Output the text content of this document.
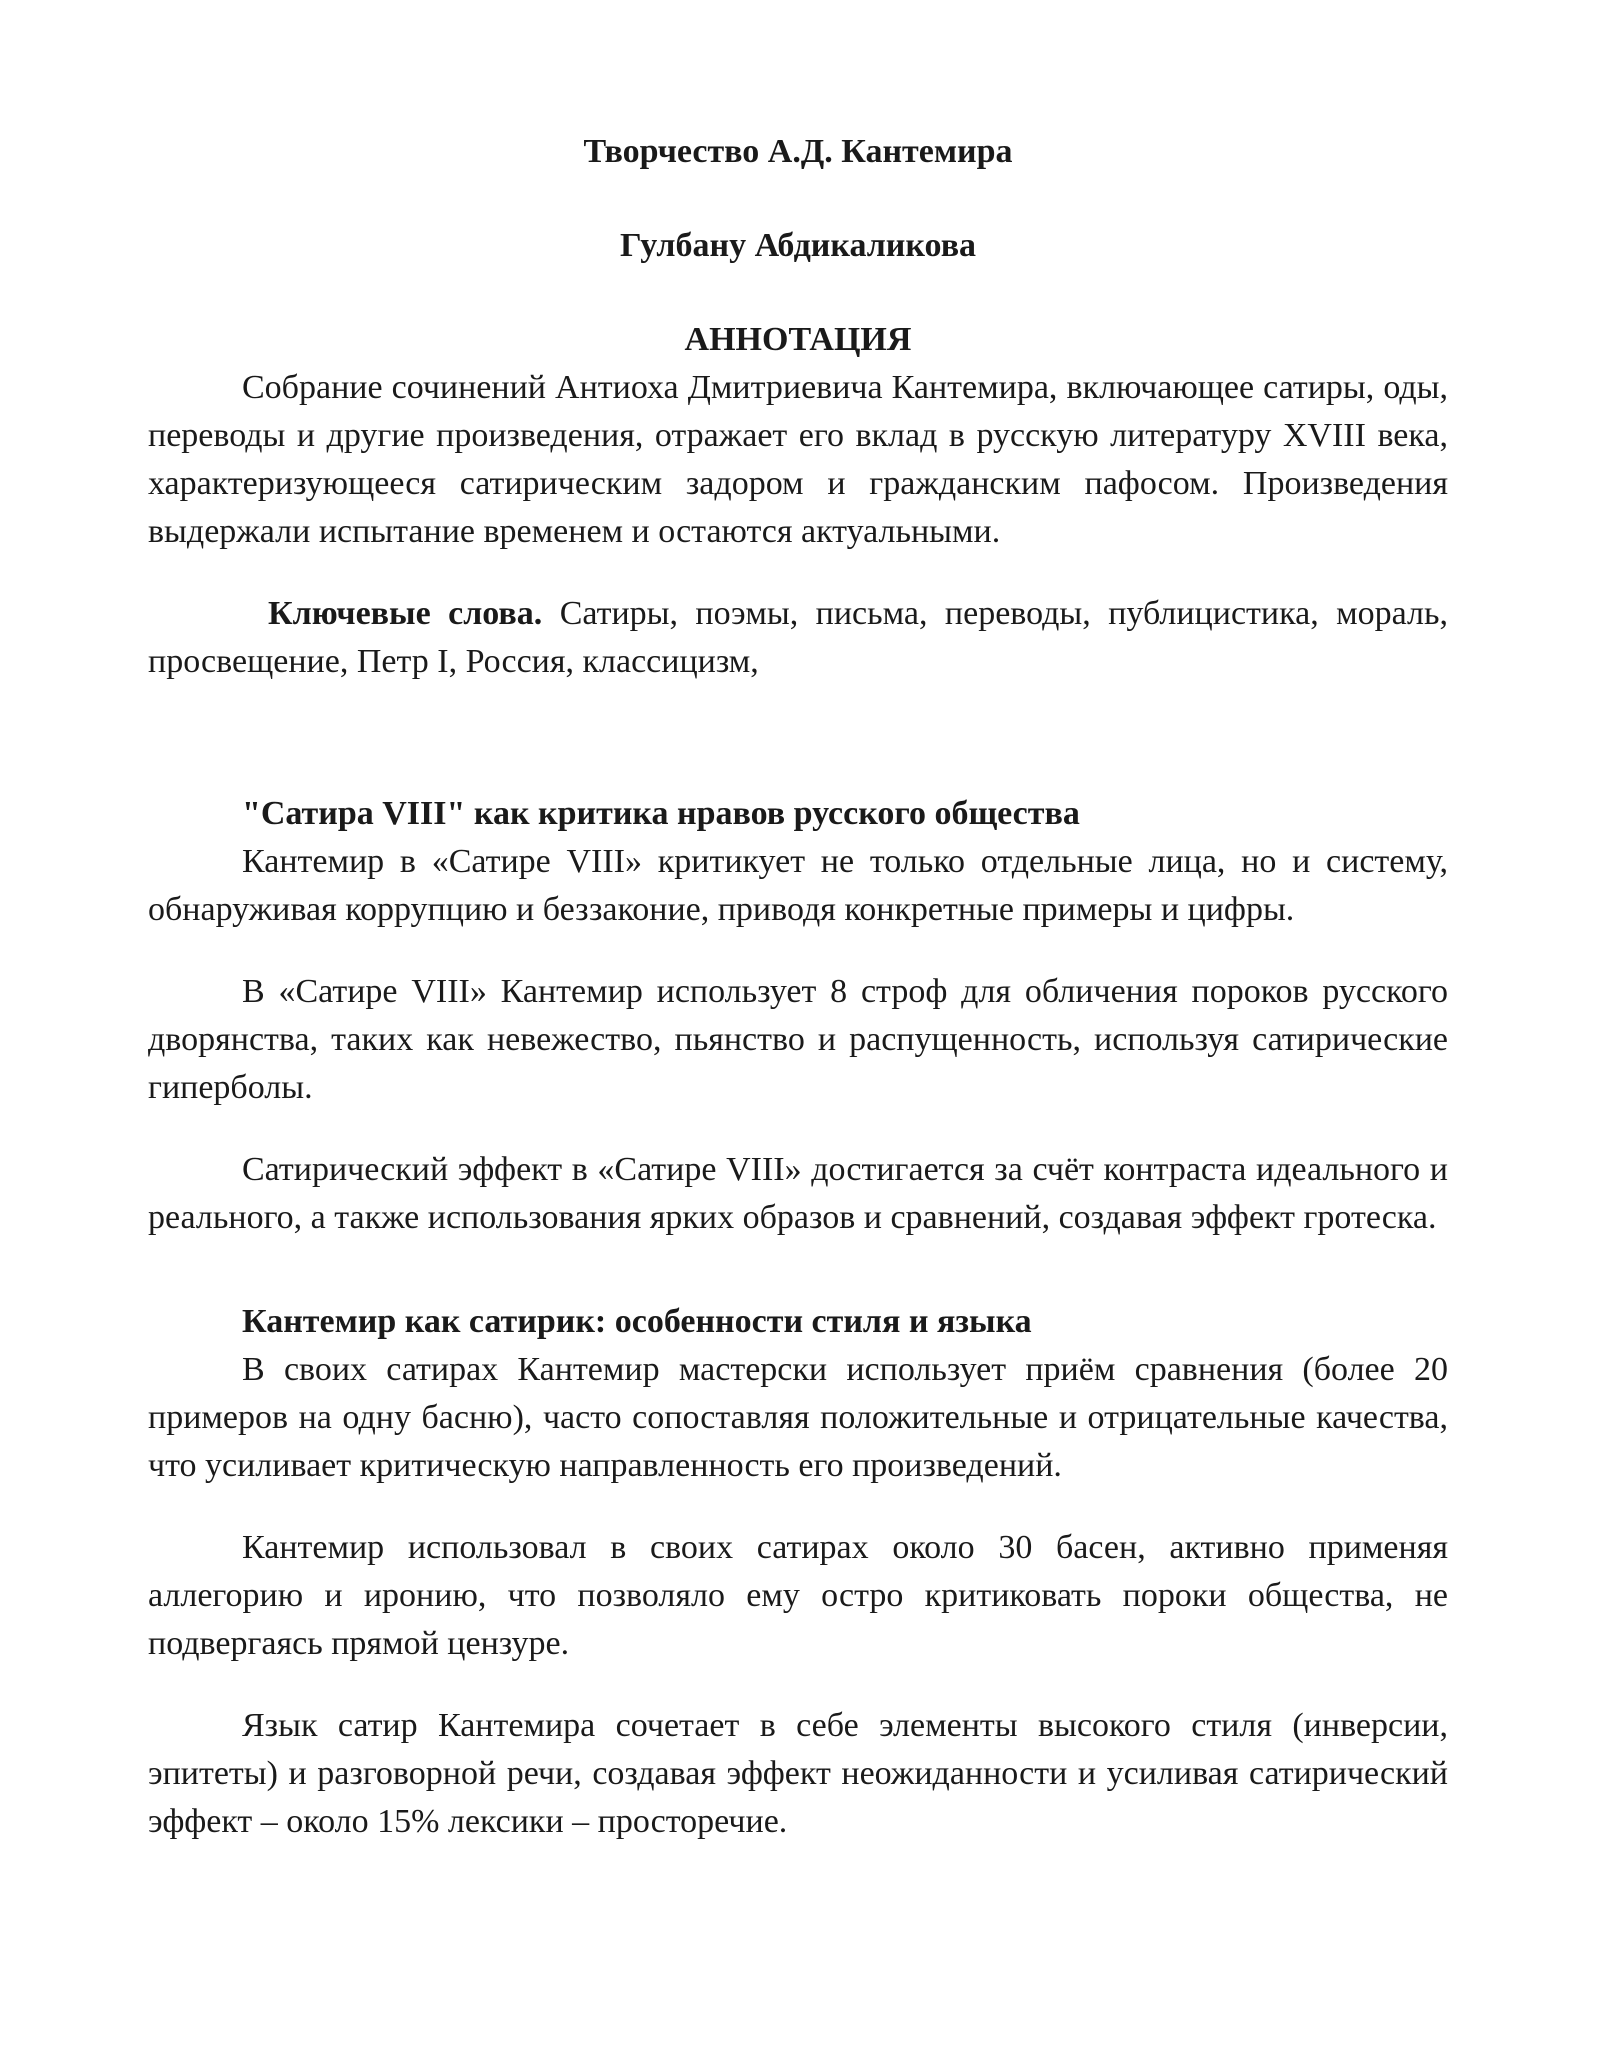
Творчество А.Д. Кантемира

Гулбану Абдикаликова

АННОТАЦИЯ

Собрание сочинений Антиоха Дмитриевича Кантемира, включающее сатиры, оды, переводы и другие произведения, отражает его вклад в русскую литературу XVIII века, характеризующееся сатирическим задором и гражданским пафосом. Произведения выдержали испытание временем и остаются актуальными.

Ключевые слова. Сатиры, поэмы, письма, переводы, публицистика, мораль, просвещение, Петр I, Россия, классицизм,

"Сатира VIII" как критика нравов русского общества

Кантемир в «Сатире VIII» критикует не только отдельные лица, но и систему, обнаруживая коррупцию и беззаконие, приводя конкретные примеры и цифры.

В «Сатире VIII» Кантемир использует 8 строф для обличения пороков русского дворянства, таких как невежество, пьянство и распущенность, используя сатирические гиперболы.

Сатирический эффект в «Сатире VIII» достигается за счёт контраста идеального и реального, а также использования ярких образов и сравнений, создавая эффект гротеска.

Кантемир как сатирик: особенности стиля и языка

В своих сатирах Кантемир мастерски использует приём сравнения (более 20 примеров на одну басню), часто сопоставляя положительные и отрицательные качества, что усиливает критическую направленность его произведений.

Кантемир использовал в своих сатирах около 30 басен, активно применяя аллегорию и иронию, что позволяло ему остро критиковать пороки общества, не подвергаясь прямой цензуре.

Язык сатир Кантемира сочетает в себе элементы высокого стиля (инверсии, эпитеты) и разговорной речи, создавая эффект неожиданности и усиливая сатирический эффект – около 15% лексики – просторечие.
